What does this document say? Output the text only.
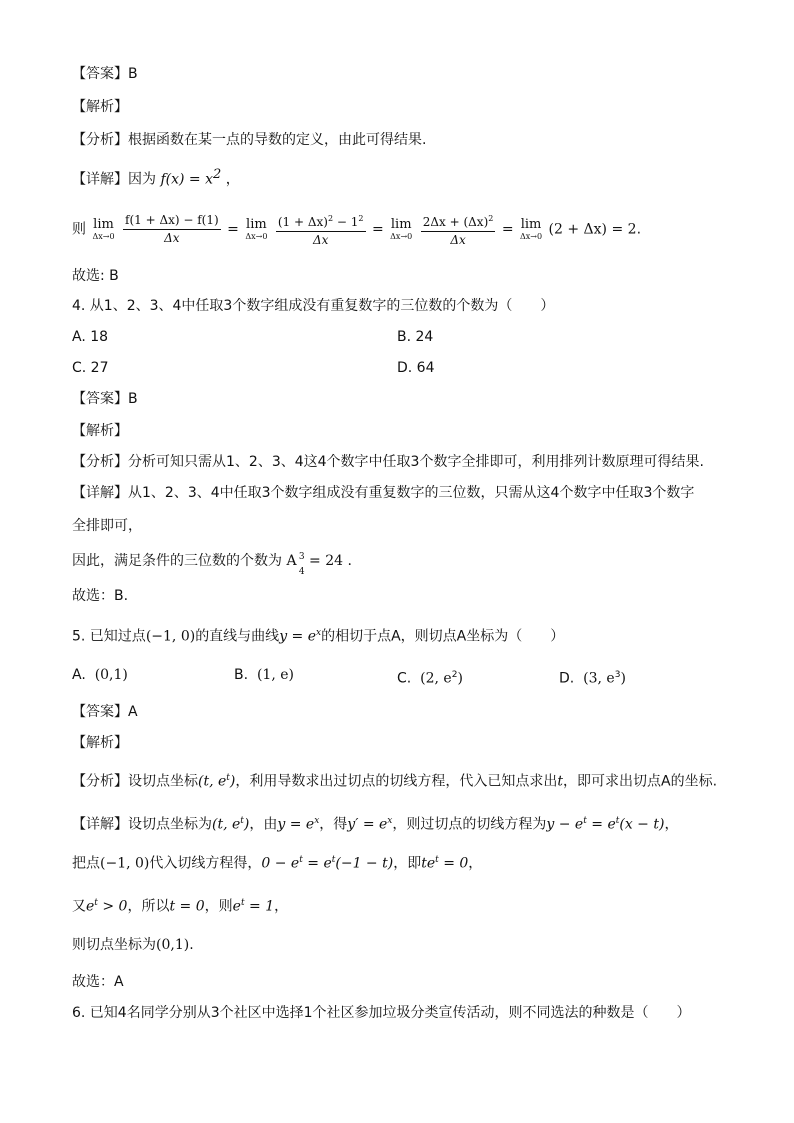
【答案】B
【解析】
【分析】根据函数在某一点的导数的定义，由此可得结果.
【详解】因为 $f(x) = x^2$ ，
则 lim
Δx→0
$\frac{f(1 + \Delta x) - f(1)}{\Delta x} = \lim$
Δx→0
$\frac{(1 + \Delta x)^2 - 1^2}{\Delta x} = \lim$
Δx→0
$\frac{2\Delta x + (\Delta x)^2}{\Delta x} = \lim$
Δx→0 (2 + Δx) = 2.
故选: B
4. 从1、2、3、4中任取3个数字组成没有重复数字的三位数的个数为（　　）
A. 18	B. 24
C. 27	D. 64
【答案】B
【解析】
【分析】分析可知只需从1、2、3、4这4个数字中任取3个数字全排即可，利用排列计数原理可得结果.
【详解】从1、2、3、4中任取3个数字组成没有重复数字的三位数，只需从这4个数字中任取3个数字
全排即可，
因此，满足条件的三位数的个数为 A 3
4
= 24 .
故选：B.
5. 已知过点(−1, 0)的直线与曲线$y = e^x$的相切于点A，则切点A坐标为（　　）
A. (0,1)	B. (1, e)	C. (2, $e^2$)	D. (3, $e^3$)
【答案】A
【解析】
【分析】设切点坐标(t, $e^t$)，利用导数求出过切点的切线方程，代入已知点求出t，即可求出切点A的坐标.
【详解】设切点坐标为(t, $e^t$)，由$y = e^x$，得$y' = e^x$，则过切点的切线方程为$y - e^t = e^t(x - t)$，
把点(−1, 0)代入切线方程得，$0 - e^t = e^t(-1 - t)$，即$te^t = 0$，
又$e^t > 0$，所以t = 0，则$e^t = 1$，
则切点坐标为(0,1).
故选：A
6. 已知4名同学分别从3个社区中选择1个社区参加垃圾分类宣传活动，则不同选法的种数是（　　）
